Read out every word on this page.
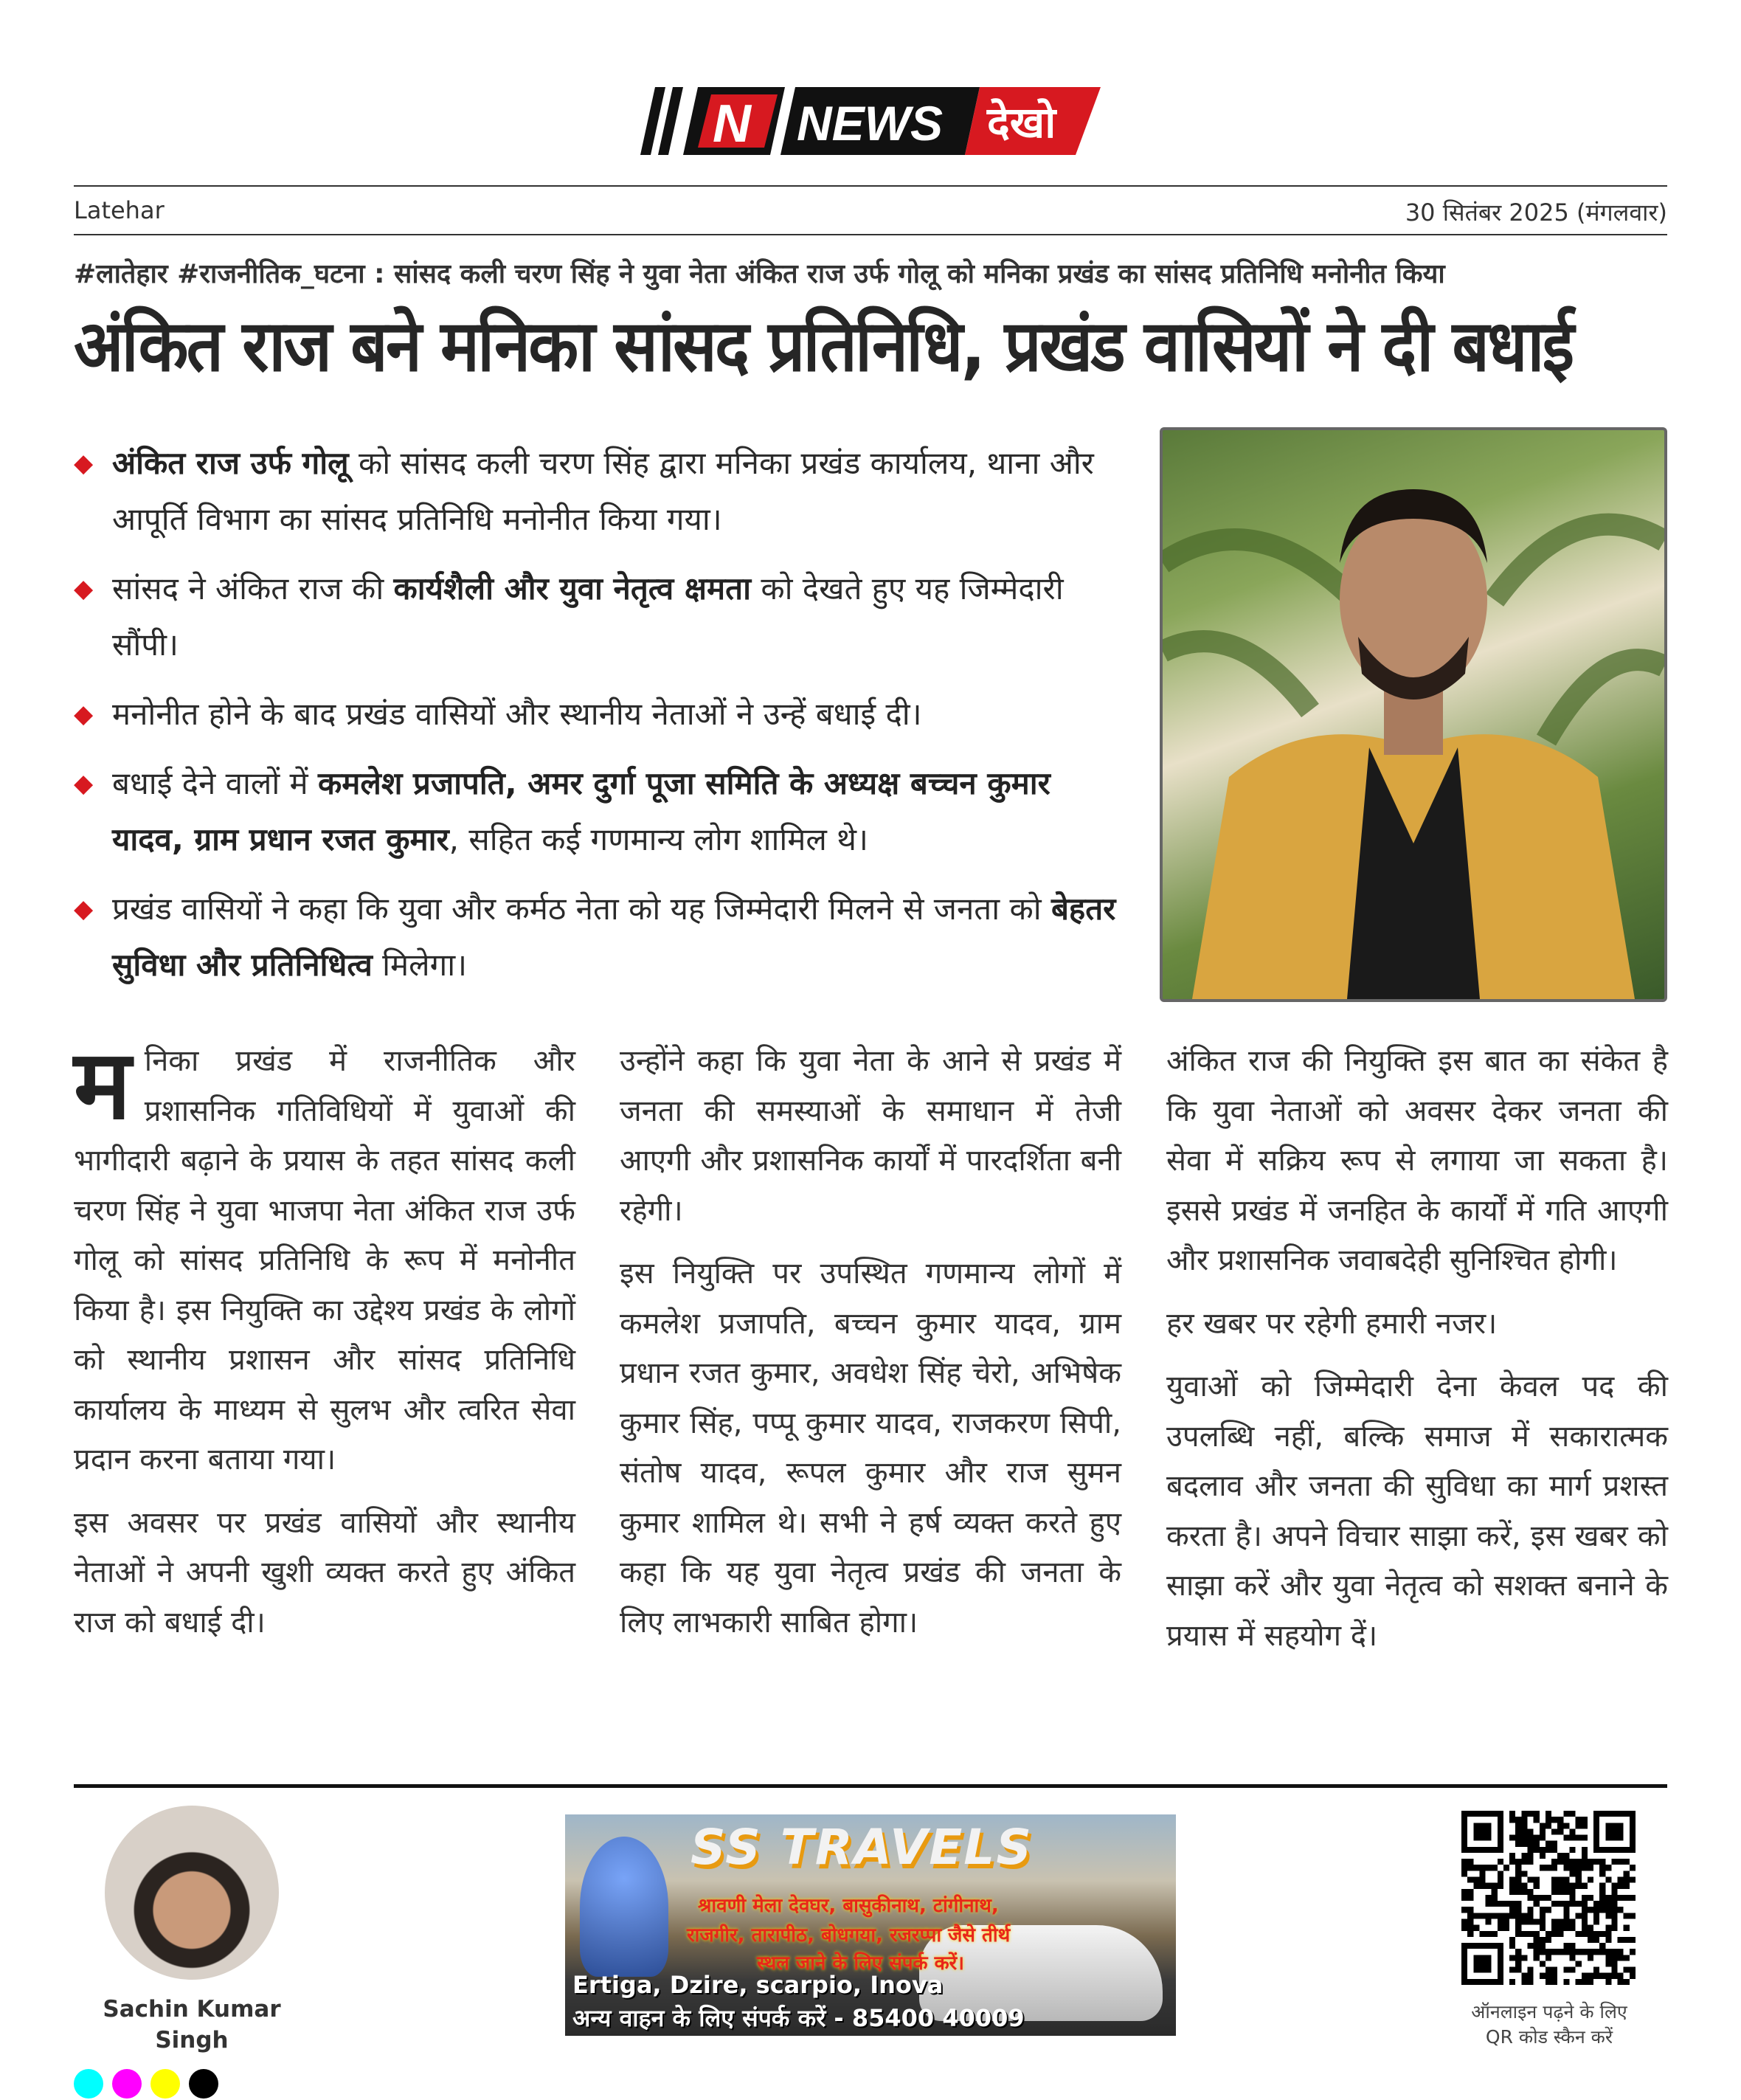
N NEWS देखो
Latehar	30 सितंबर 2025 (मंगलवार)
#लातेहार #राजनीतिक_घटना : सांसद कली चरण सिंह ने युवा नेता अंकित राज उर्फ गोलू को मनिका प्रखंड का सांसद प्रतिनिधि मनोनीत किया
अंकित राज बने मनिका सांसद प्रतिनिधि, प्रखंड वासियों ने दी बधाई
◆ अंकित राज उर्फ गोलू को सांसद कली चरण सिंह द्वारा मनिका प्रखंड कार्यालय, थाना और आपूर्ति विभाग का सांसद प्रतिनिधि मनोनीत किया गया।
◆ सांसद ने अंकित राज की कार्यशैली और युवा नेतृत्व क्षमता को देखते हुए यह जिम्मेदारी सौंपी।
◆ मनोनीत होने के बाद प्रखंड वासियों और स्थानीय नेताओं ने उन्हें बधाई दी।
◆ बधाई देने वालों में कमलेश प्रजापति, अमर दुर्गा पूजा समिति के अध्यक्ष बच्चन कुमार यादव, ग्राम प्रधान रजत कुमार, सहित कई गणमान्य लोग शामिल थे।
◆ प्रखंड वासियों ने कहा कि युवा और कर्मठ नेता को यह जिम्मेदारी मिलने से जनता को बेहतर सुविधा और प्रतिनिधित्व मिलेगा।

मनिका प्रखंड में राजनीतिक और प्रशासनिक गतिविधियों में युवाओं की भागीदारी बढ़ाने के प्रयास के तहत सांसद कली चरण सिंह ने युवा भाजपा नेता अंकित राज उर्फ गोलू को सांसद प्रतिनिधि के रूप में मनोनीत किया है। इस नियुक्ति का उद्देश्य प्रखंड के लोगों को स्थानीय प्रशासन और सांसद प्रतिनिधि कार्यालय के माध्यम से सुलभ और त्वरित सेवा प्रदान करना बताया गया।

इस अवसर पर प्रखंड वासियों और स्थानीय नेताओं ने अपनी खुशी व्यक्त करते हुए अंकित राज को बधाई दी।

उन्होंने कहा कि युवा नेता के आने से प्रखंड में जनता की समस्याओं के समाधान में तेजी आएगी और प्रशासनिक कार्यों में पारदर्शिता बनी रहेगी।

इस नियुक्ति पर उपस्थित गणमान्य लोगों में कमलेश प्रजापति, बच्चन कुमार यादव, ग्राम प्रधान रजत कुमार, अवधेश सिंह चेरो, अभिषेक कुमार सिंह, पप्पू कुमार यादव, राजकरण सिपी, संतोष यादव, रूपल कुमार और राज सुमन कुमार शामिल थे। सभी ने हर्ष व्यक्त करते हुए कहा कि यह युवा नेतृत्व प्रखंड की जनता के लिए लाभकारी साबित होगा।

अंकित राज की नियुक्ति इस बात का संकेत है कि युवा नेताओं को अवसर देकर जनता की सेवा में सक्रिय रूप से लगाया जा सकता है। इससे प्रखंड में जनहित के कार्यों में गति आएगी और प्रशासनिक जवाबदेही सुनिश्चित होगी।

हर खबर पर रहेगी हमारी नजर।

युवाओं को जिम्मेदारी देना केवल पद की उपलब्धि नहीं, बल्कि समाज में सकारात्मक बदलाव और जनता की सुविधा का मार्ग प्रशस्त करता है। अपने विचार साझा करें, इस खबर को साझा करें और युवा नेतृत्व को सशक्त बनाने के प्रयास में सहयोग दें।

Sachin Kumar Singh
SS TRAVELS
श्रावणी मेला देवघर, बासुकीनाथ, टांगीनाथ,
राजगीर, तारापीठ, बोधगया, रजरप्पा जैसे तीर्थ
स्थल जाने के लिए संपर्क करें।
Ertiga, Dzire, scarpio, Inova
अन्य वाहन के लिए संपर्क करें - 85400 40009	ऑनलाइन पढ़ने के लिए
QR कोड स्कैन करें
